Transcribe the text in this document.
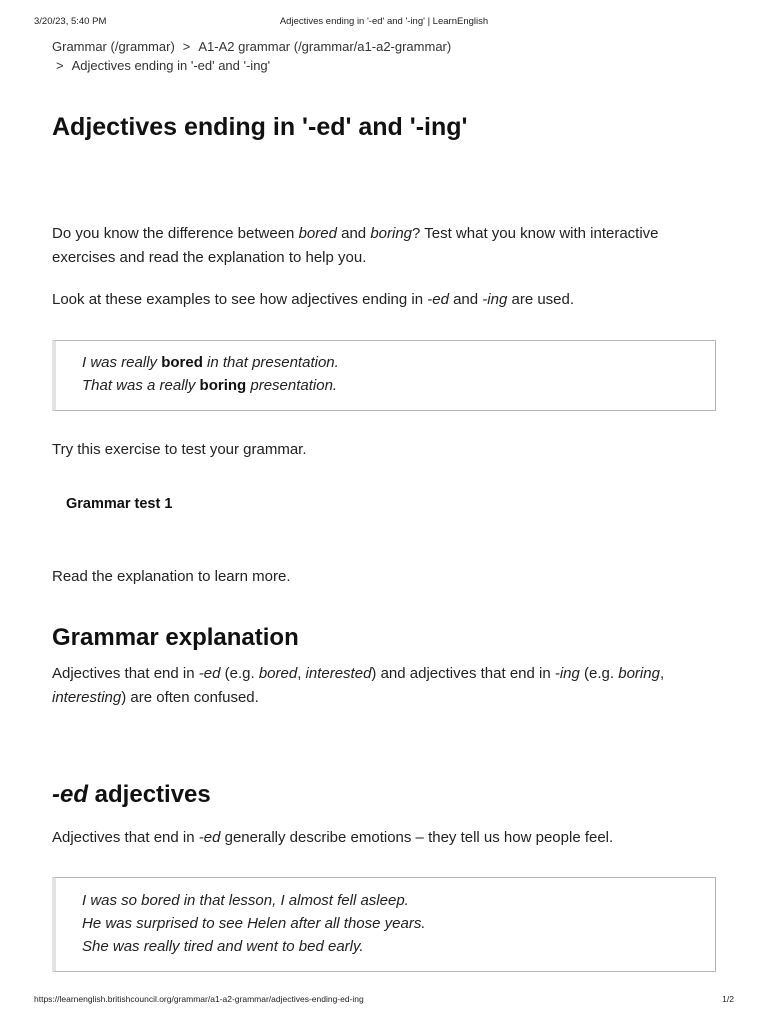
3/20/23, 5:40 PM	Adjectives ending in '-ed' and '-ing' | LearnEnglish
Grammar (/grammar) > A1-A2 grammar (/grammar/a1-a2-grammar)
> Adjectives ending in '-ed' and '-ing'
Adjectives ending in '-ed' and '-ing'

Do you know the difference between bored and boring? Test what you know with interactive exercises and read the explanation to help you.

Look at these examples to see how adjectives ending in -ed and -ing are used.

I was really bored in that presentation.
That was a really boring presentation.

Try this exercise to test your grammar.

Grammar test 1

Read the explanation to learn more.

Grammar explanation

Adjectives that end in -ed (e.g. bored, interested) and adjectives that end in -ing (e.g. boring, interesting) are often confused.

-ed adjectives

Adjectives that end in -ed generally describe emotions – they tell us how people feel.

I was so bored in that lesson, I almost fell asleep.
He was surprised to see Helen after all those years.
She was really tired and went to bed early.
https://learnenglish.britishcouncil.org/grammar/a1-a2-grammar/adjectives-ending-ed-ing	1/2
